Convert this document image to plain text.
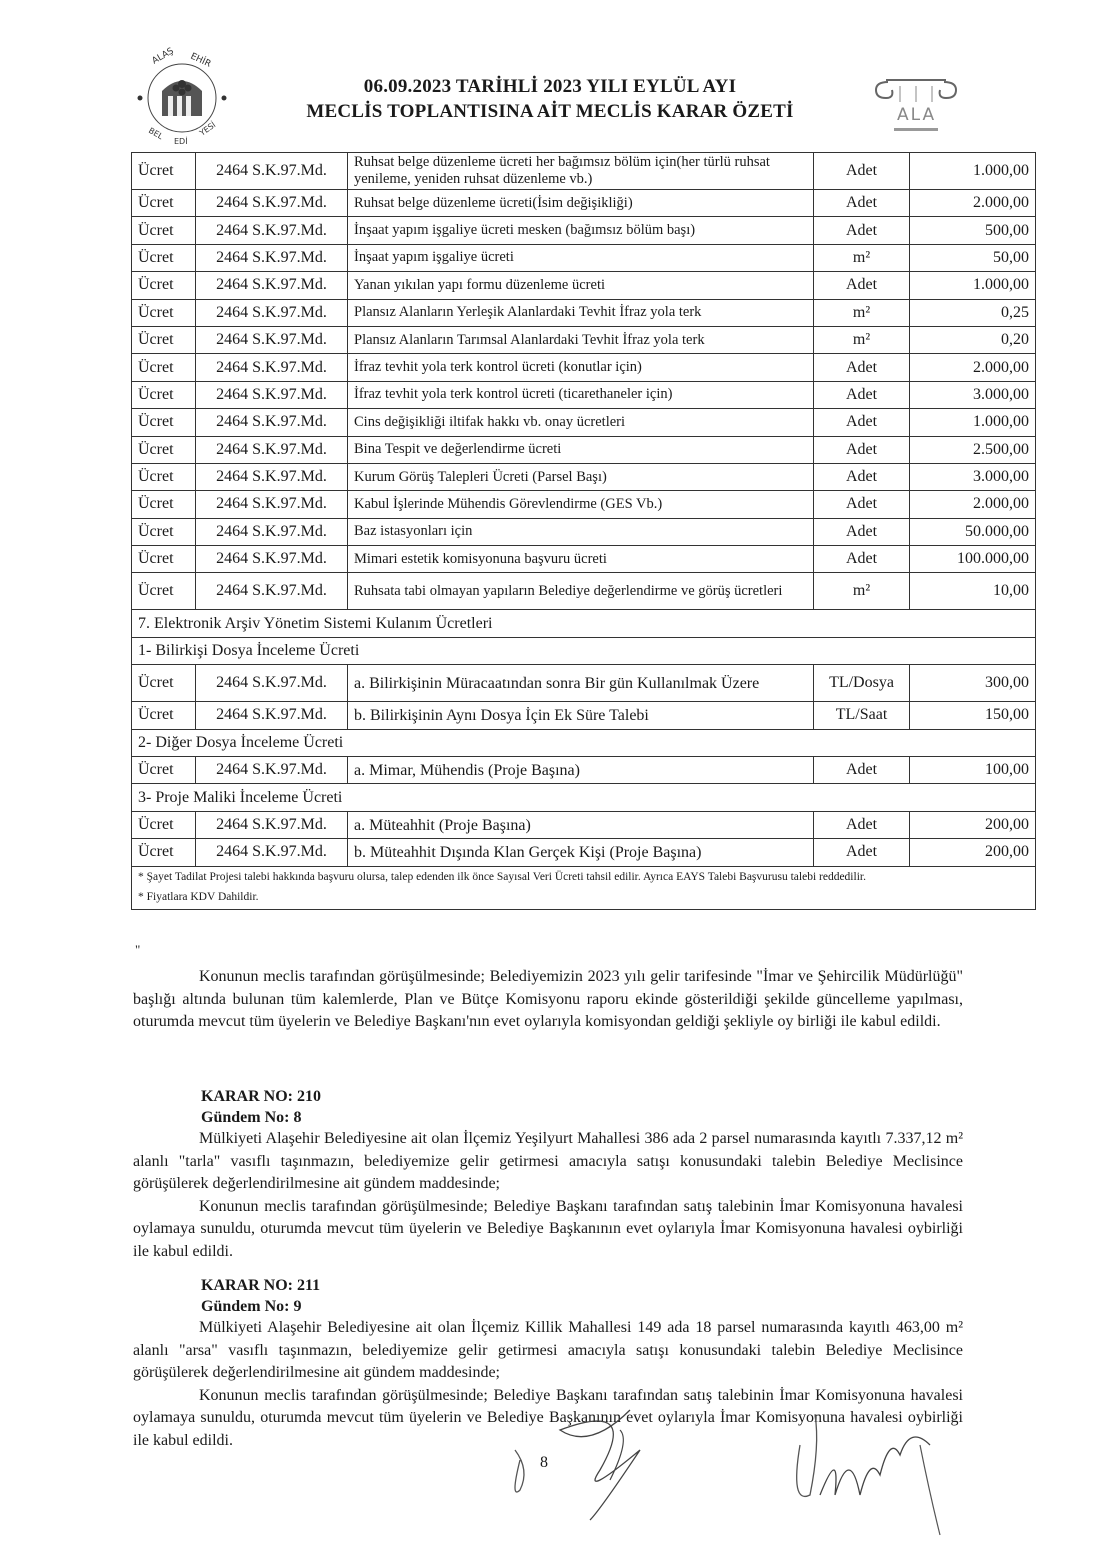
ALAŞ EHİR
BEL
EDİ
YESİ
06.09.2023 TARİHLİ 2023 YILI EYLÜL AYI
MECLİS TOPLANTISINA AİT MECLİS KARAR ÖZETİ	ALA
Ücret	2464 S.K.97.Md.	Ruhsat belge düzenleme ücreti her bağımsız bölüm için(her türlü ruhsat yenileme, yeniden ruhsat düzenleme vb.)	Adet	1.000,00
Ücret	2464 S.K.97.Md.	Ruhsat belge düzenleme ücreti(İsim değişikliği)	Adet	2.000,00
Ücret	2464 S.K.97.Md.	İnşaat yapım işgaliye ücreti mesken (bağımsız bölüm başı)	Adet	500,00
Ücret	2464 S.K.97.Md.	İnşaat yapım işgaliye ücreti	m²	50,00
Ücret	2464 S.K.97.Md.	Yanan yıkılan yapı formu düzenleme ücreti	Adet	1.000,00
Ücret	2464 S.K.97.Md.	Plansız Alanların Yerleşik Alanlardaki Tevhit İfraz yola terk	m²	0,25
Ücret	2464 S.K.97.Md.	Plansız Alanların Tarımsal Alanlardaki Tevhit İfraz yola terk	m²	0,20
Ücret	2464 S.K.97.Md.	İfraz tevhit yola terk kontrol ücreti (konutlar için)	Adet	2.000,00
Ücret	2464 S.K.97.Md.	İfraz tevhit yola terk kontrol ücreti (ticarethaneler için)	Adet	3.000,00
Ücret	2464 S.K.97.Md.	Cins değişikliği iltifak hakkı vb. onay ücretleri	Adet	1.000,00
Ücret	2464 S.K.97.Md.	Bina Tespit ve değerlendirme ücreti	Adet	2.500,00
Ücret	2464 S.K.97.Md.	Kurum Görüş Talepleri Ücreti (Parsel Başı)	Adet	3.000,00
Ücret	2464 S.K.97.Md.	Kabul İşlerinde Mühendis Görevlendirme (GES Vb.)	Adet	2.000,00
Ücret	2464 S.K.97.Md.	Baz istasyonları için	Adet	50.000,00
Ücret	2464 S.K.97.Md.	Mimari estetik komisyonuna başvuru ücreti	Adet	100.000,00
Ücret	2464 S.K.97.Md.	Ruhsata tabi olmayan yapıların Belediye değerlendirme ve görüş ücretleri	m²	10,00
7. Elektronik Arşiv Yönetim Sistemi Kulanım Ücretleri				
1- Bilirkişi Dosya İnceleme Ücreti				
Ücret	2464 S.K.97.Md.	a. Bilirkişinin Müracaatından sonra Bir gün Kullanılmak Üzere	TL/Dosya	300,00
Ücret	2464 S.K.97.Md.	b. Bilirkişinin Aynı Dosya İçin Ek Süre Talebi	TL/Saat	150,00
2- Diğer Dosya İnceleme Ücreti				
Ücret	2464 S.K.97.Md.	a. Mimar, Mühendis (Proje Başına)	Adet	100,00
3- Proje Maliki İnceleme Ücreti				
Ücret	2464 S.K.97.Md.	a. Müteahhit (Proje Başına)	Adet	200,00
Ücret	2464 S.K.97.Md.	b. Müteahhit Dışında Klan Gerçek Kişi (Proje Başına)	Adet	200,00

* Şayet Tadilat Projesi talebi hakkında başvuru olursa, talep edenden ilk önce Sayısal Veri Ücreti tahsil edilir. Ayrıca EAYS Talebi Başvurusu talebi reddedilir.
* Fiyatlara KDV Dahildir.				
"
Konunun meclis tarafından görüşülmesinde; Belediyemizin 2023 yılı gelir tarifesinde "İmar ve Şehircilik Müdürlüğü" başlığı altında bulunan tüm kalemlerde, Plan ve Bütçe Komisyonu raporu ekinde gösterildiği şekilde güncelleme yapılması, oturumda mevcut tüm üyelerin ve Belediye Başkanı'nın evet oylarıyla komisyondan geldiği şekliyle oy birliği ile kabul edildi.
KARAR NO: 210
Gündem No: 8
Mülkiyeti Alaşehir Belediyesine ait olan İlçemiz Yeşilyurt Mahallesi 386 ada 2 parsel numarasında kayıtlı 7.337,12 m² alanlı "tarla" vasıflı taşınmazın, belediyemize gelir getirmesi amacıyla satışı konusundaki talebin Belediye Meclisince görüşülerek değerlendirilmesine ait gündem maddesinde;
Konunun meclis tarafından görüşülmesinde; Belediye Başkanı tarafından satış talebinin İmar Komisyonuna havalesi oylamaya sunuldu, oturumda mevcut tüm üyelerin ve Belediye Başkanının evet oylarıyla İmar Komisyonuna havalesi oybirliği ile kabul edildi.
KARAR NO: 211
Gündem No: 9
Mülkiyeti Alaşehir Belediyesine ait olan İlçemiz Killik Mahallesi 149 ada 18 parsel numarasında kayıtlı 463,00 m² alanlı "arsa" vasıflı taşınmazın, belediyemize gelir getirmesi amacıyla satışı konusundaki talebin Belediye Meclisince görüşülerek değerlendirilmesine ait gündem maddesinde;
Konunun meclis tarafından görüşülmesinde; Belediye Başkanı tarafından satış talebinin İmar Komisyonuna havalesi oylamaya sunuldu, oturumda mevcut tüm üyelerin ve Belediye Başkanının evet oylarıyla İmar Komisyonuna havalesi oybirliği ile kabul edildi.
8
